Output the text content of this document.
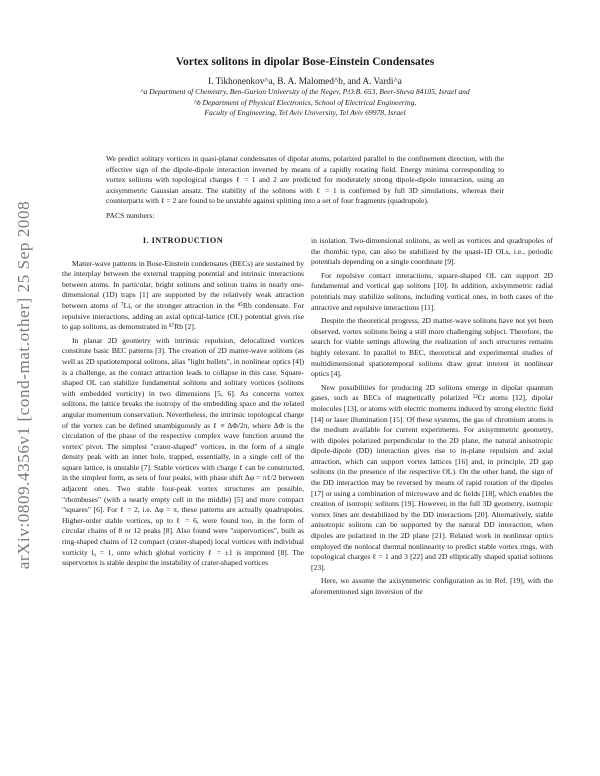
arXiv:0809.4356v1 [cond-mat.other] 25 Sep 2008
Vortex solitons in dipolar Bose-Einstein Condensates
I. Tikhonenkov^a, B. A. Malomed^b, and A. Vardi^a
^a Department of Chemistry, Ben-Gurion University of the Negev, P.O.B. 653, Beer-Sheva 84105, Israel and
^b Department of Physical Electronics, School of Electrical Engineering,
Faculty of Engineering, Tel Aviv University, Tel Aviv 69978, Israel
We predict solitary vortices in quasi-planar condensates of dipolar atoms, polarized parallel to the confinement direction, with the effective sign of the dipole-dipole interaction inverted by means of a rapidly rotating field. Energy minima corresponding to vortex solitons with topological charges ℓ = 1 and 2 are predicted for moderately strong dipole-dipole interaction, using an axisymmetric Gaussian ansatz. The stability of the solitons with ℓ = 1 is confirmed by full 3D simulations, whereas their counterparts with ℓ = 2 are found to be unstable against splitting into a set of four fragments (quadrupole).
PACS numbers:
I. INTRODUCTION

Matter-wave patterns in Bose-Einstein condensates (BECs) are sustained by the interplay between the external trapping potential and intrinsic interactions between atoms. In particular, bright solitons and soliton trains in nearly one-dimensional (1D) traps [1] are supported by the relatively weak attraction between atoms of ⁷Li, or the stronger attraction in the ⁸⁵Rb condensate. For repulsive interactions, adding an axial optical-lattice (OL) potential gives rise to gap solitons, as demonstrated in ⁸⁷Rb [2].

In planar 2D geometry with intrinsic repulsion, delocalized vortices constitute basic BEC patterns [3]. The creation of 2D matter-wave solitons (as well as 2D spatiotemporal solitons, alias "light bullets", in nonlinear optics [4]) is a challenge, as the contact attraction leads to collapse in this case. Square-shaped OL can stabilize fundamental solitons and solitary vortices (solitons with embedded vorticity) in two dimensions [5, 6]. As concerns vortex solitons, the lattice breaks the isotropy of the embedding space and the related angular momentum conservation. Nevertheless, the intrinsic topological charge of the vortex can be defined unambiguously as ℓ ≡ ΔΦ/2π, where ΔΦ is the circulation of the phase of the respective complex wave function around the vortex' pivot. The simplest "crater-shaped" vortices, in the form of a single density peak with an inner hole, trapped, essentially, in a single cell of the square lattice, is unstable [7]. Stable vortices with charge ℓ can be constructed, in the simplest form, as sets of four peaks, with phase shift Δφ = πℓ/2 between adjacent ones. Two stable four-peak vortex structures are possible, "rhombuses" (with a nearly empty cell in the middle) [5] and more compact "squares" [6]. For ℓ = 2, i.e. Δφ = π, these patterns are actually quadrupoles. Higher-order stable vortices, up to ℓ = 6, were found too, in the form of circular chains of 8 or 12 peaks [8]. Also found were "supervortices", built as ring-shaped chains of 12 compact (crater-shaped) local vortices with individual vorticity l₀ = 1, onto which global vorticity ℓ = ±1 is imprinted [8]. The supervortex is stable despite the instability of crater-shaped vortices

in isolation. Two-dimensional solitons, as well as vortices and quadrupoles of the rhombic type, can also be stabilized by the quasi-1D OLs, i.e., periodic potentials depending on a single coordinate [9].

For repulsive contact interactions, square-shaped OL can support 2D fundamental and vortical gap solitons [10]. In addition, axisymmetric radial potentials may stabilize solitons, including vortical ones, in both cases of the attractive and repulsive interactions [11].

Despite the theoretical progress, 2D matter-wave solitons have not yet been observed, vortex solitons being a still more challenging subject. Therefore, the search for viable settings allowing the realization of such structures remains highly relevant. In parallel to BEC, theoretical and experimental studies of multidimensional spatiotemporal solitons draw great interest in nonlinear optics [4].

New possibilities for producing 2D solitons emerge in dipolar quantum gases, such as BECs of magnetically polarized ⁵²Cr atoms [12], dipolar molecules [13], or atoms with electric moments induced by strong electric field [14] or laser illumination [15]. Of these systems, the gas of chromium atoms is the medium available for current experiments. For axisymmetric geometry, with dipoles polarized perpendicular to the 2D plane, the natural anisotropic dipole-dipole (DD) interaction gives rise to in-plane repulsion and axial attraction, which can support vortex lattices [16] and, in principle, 2D gap solitons (in the presence of the respective OL). On the other hand, the sign of the DD interaction may be reversed by means of rapid rotation of the dipoles [17] or using a combination of microwave and dc fields [18], which enables the creation of isotropic solitons [19]. However, in the full 3D geometry, isotropic vortex lines are destabilized by the DD interactions [20]. Alternatively, stable anisotropic solitons can be supported by the natural DD interaction, when dipoles are polarized in the 2D plane [21]. Related work in nonlinear optics employed the nonlocal thermal nonlinearity to predict stable vortex rings, with topological charges ℓ = 1 and 3 [22] and 2D elliptically shaped spatial solitons [23].

Here, we assume the axisymmetric configuration as in Ref. [19], with the aforementioned sign inversion of the
